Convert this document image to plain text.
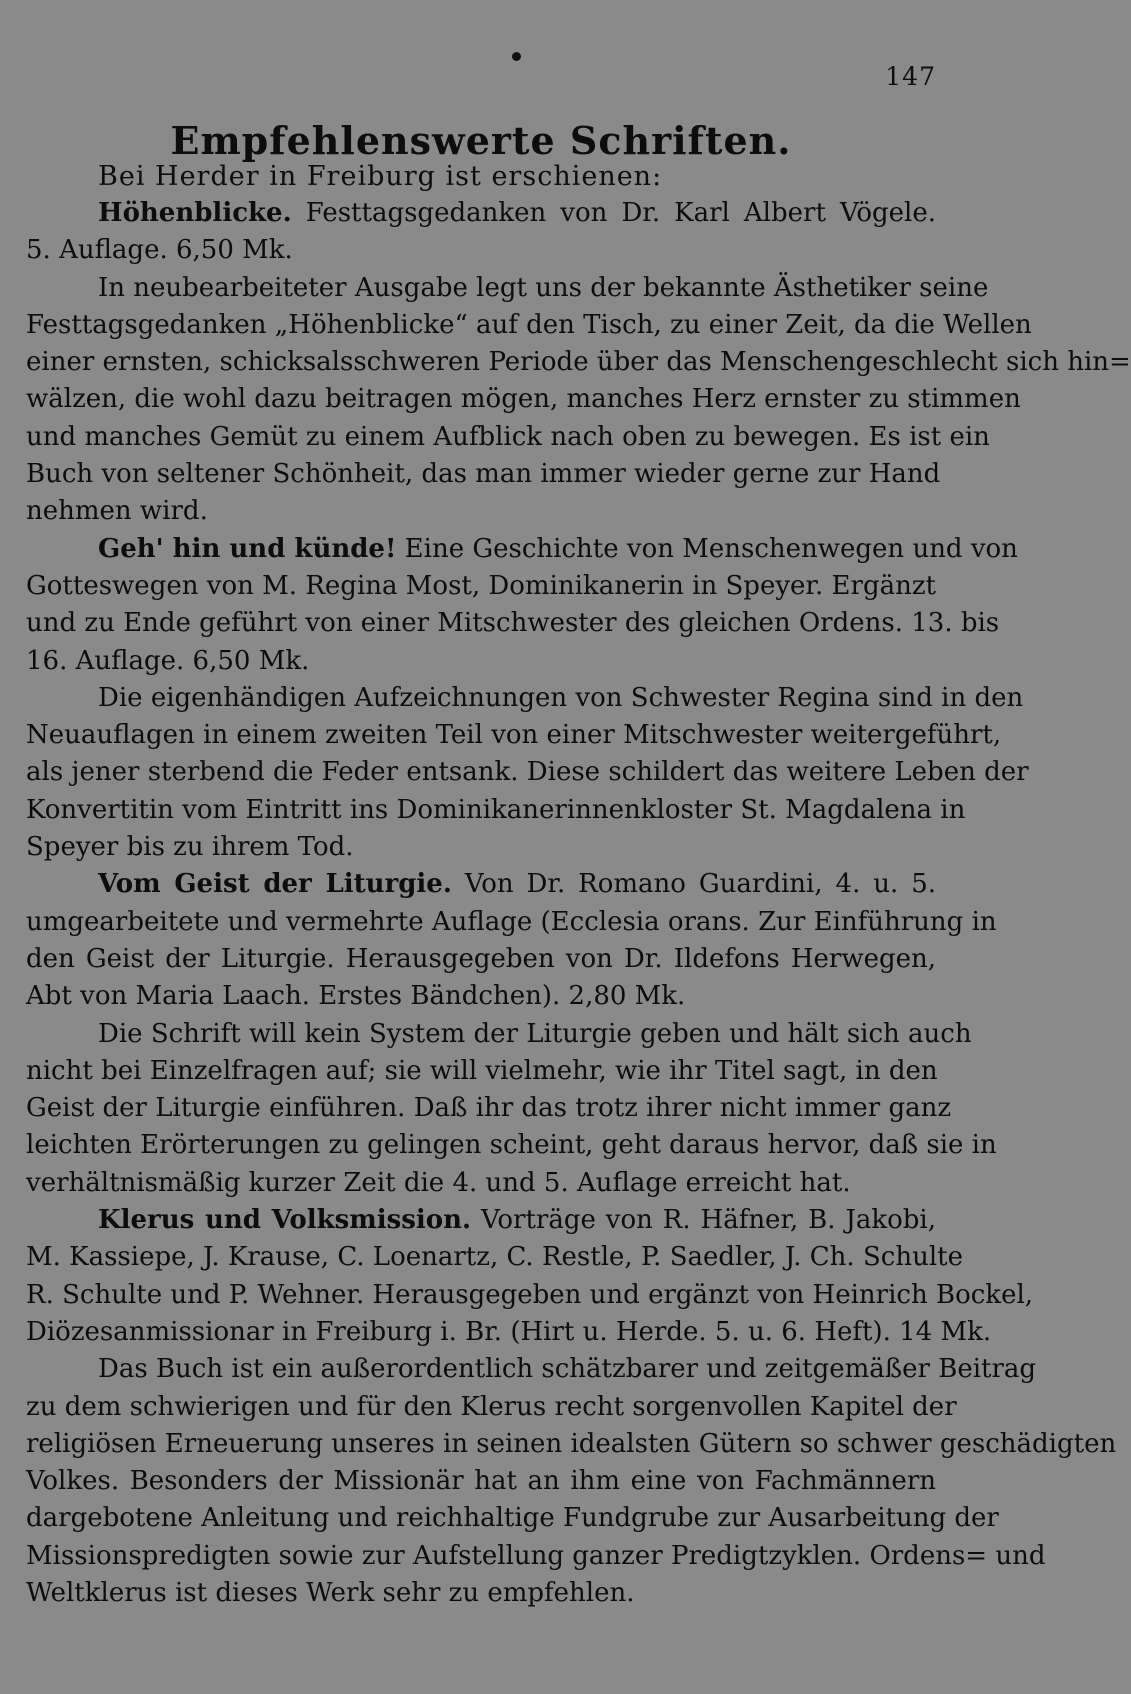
147
Empfehlenswerte Schriften.
Bei Herder in Freiburg ist erschienen:
Höhenblicke. Festtagsgedanken von Dr. Karl Albert Vögele.
5. Auflage. 6,50 Mk.
In neubearbeiteter Ausgabe legt uns der bekannte Ästhetiker seine
Festtagsgedanken „Höhenblicke“ auf den Tisch, zu einer Zeit, da die Wellen
einer ernsten, schicksalsschweren Periode über das Menschengeschlecht sich hin=
wälzen, die wohl dazu beitragen mögen, manches Herz ernster zu stimmen
und manches Gemüt zu einem Aufblick nach oben zu bewegen. Es ist ein
Buch von seltener Schönheit, das man immer wieder gerne zur Hand
nehmen wird.
Geh' hin und künde! Eine Geschichte von Menschenwegen und von
Gotteswegen von M. Regina Most, Dominikanerin in Speyer. Ergänzt
und zu Ende geführt von einer Mitschwester des gleichen Ordens. 13. bis
16. Auflage. 6,50 Mk.
Die eigenhändigen Aufzeichnungen von Schwester Regina sind in den
Neuauflagen in einem zweiten Teil von einer Mitschwester weitergeführt,
als jener sterbend die Feder entsank. Diese schildert das weitere Leben der
Konvertitin vom Eintritt ins Dominikanerinnenkloster St. Magdalena in
Speyer bis zu ihrem Tod.
Vom Geist der Liturgie. Von Dr. Romano Guardini, 4. u. 5.
umgearbeitete und vermehrte Auflage (Ecclesia orans. Zur Einführung in
den Geist der Liturgie. Herausgegeben von Dr. Ildefons Herwegen,
Abt von Maria Laach. Erstes Bändchen). 2,80 Mk.
Die Schrift will kein System der Liturgie geben und hält sich auch
nicht bei Einzelfragen auf; sie will vielmehr, wie ihr Titel sagt, in den
Geist der Liturgie einführen. Daß ihr das trotz ihrer nicht immer ganz
leichten Erörterungen zu gelingen scheint, geht daraus hervor, daß sie in
verhältnismäßig kurzer Zeit die 4. und 5. Auflage erreicht hat.
Klerus und Volksmission. Vorträge von R. Häfner, B. Jakobi,
M. Kassiepe, J. Krause, C. Loenartz, C. Restle, P. Saedler, J. Ch. Schulte
R. Schulte und P. Wehner. Herausgegeben und ergänzt von Heinrich Bockel,
Diözesanmissionar in Freiburg i. Br. (Hirt u. Herde. 5. u. 6. Heft). 14 Mk.
Das Buch ist ein außerordentlich schätzbarer und zeitgemäßer Beitrag
zu dem schwierigen und für den Klerus recht sorgenvollen Kapitel der
religiösen Erneuerung unseres in seinen idealsten Gütern so schwer geschädigten
Volkes. Besonders der Missionär hat an ihm eine von Fachmännern
dargebotene Anleitung und reichhaltige Fundgrube zur Ausarbeitung der
Missionspredigten sowie zur Aufstellung ganzer Predigtzyklen. Ordens= und
Weltklerus ist dieses Werk sehr zu empfehlen.
